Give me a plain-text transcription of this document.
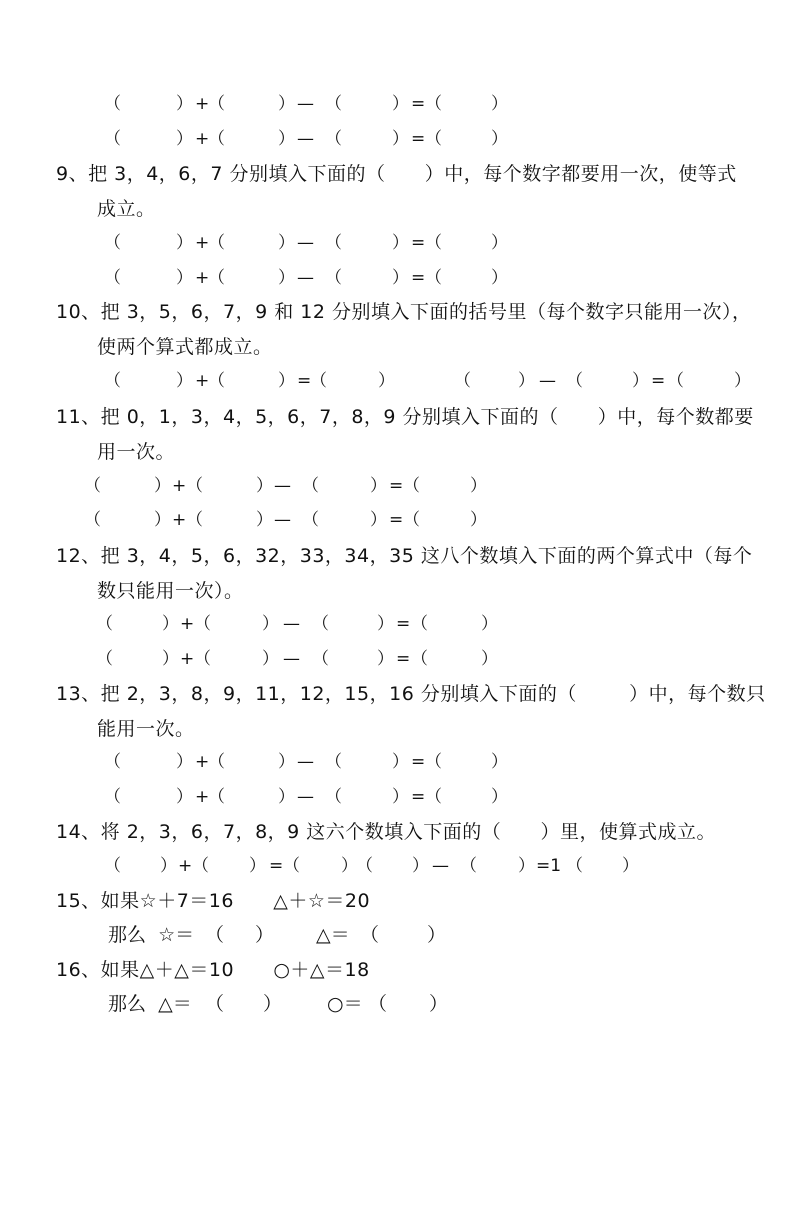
（

	）

+

（

	）

—

（

	）

=

（

	）

（

	）

+

（

	）

—

（

	）

=

（

	）

9、把 3，4，6，7 分别填入下面的（      ）中，每个数字都要用一次，使等式
成立。

（

	）

+

（

	）

—

（

	）

=

（

	）

（

	）

+

（

	）

—

（

	）

=

（

	）

10、把 3，5，6，7，9 和 12 分别填入下面的括号里（每个数字只能用一次），
使两个算式都成立。

（

	）

+

（

	）

=

（

	）

	（

	）

—

（

	）

=

（

	）

11、把 0，1，3，4，5，6，7，8，9 分别填入下面的（      ）中，每个数都要
用一次。

（

	）

+

（

	）

—

（

	）

=

（

	）

（

	）

+

（

	）

—

（

	）

=

（

	）

12、把 3，4，5，6，32，33，34，35 这八个数填入下面的两个算式中（每个
数只能用一次）。

（

	）

+

（

	）

—

（

	）

=

（

	）

（

	）

+

（

	）

—

（

	）

=

（

	）

13、把 2，3，8，9，11，12，15，16 分别填入下面的（        ）中，每个数只
能用一次。

（

	）

+

（

	）

—

（

	）

=

（

	）

（

	）

+

（

	）

—

（

	）

=

（

	）

14、将 2，3，6，7，8，9 这六个数填入下面的（      ）里，使算式成立。

（

）

+

（

）

=

（

）

（

）

—

（

）

=1

（

）

15、如果☆＋7＝16      △＋☆＝20

那么  ☆＝

（

）

△＝

（

	）

16、如果△＋△＝10      ○＋△＝18

那么  △＝

（

）

○＝

（

）
